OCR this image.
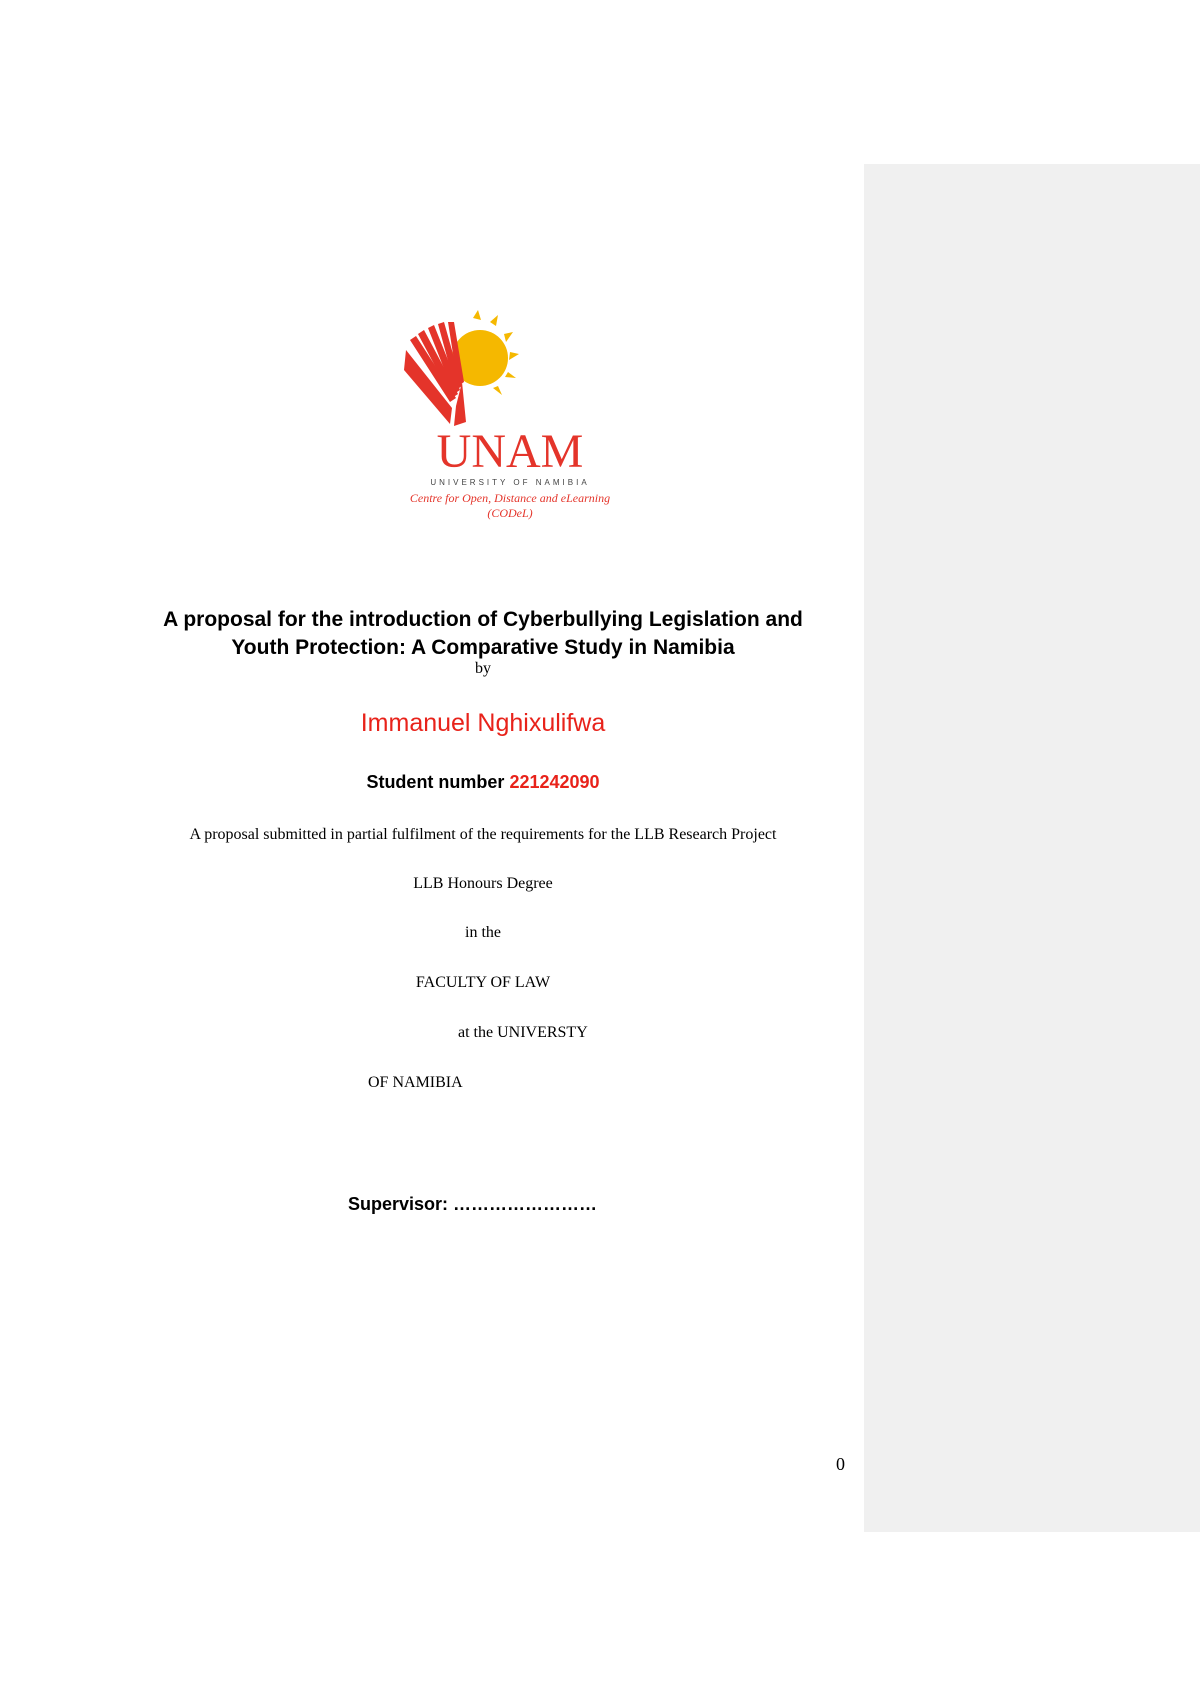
UNAM
UNIVERSITY OF NAMIBIA
Centre for Open, Distance and eLearning
(CODeL)
A proposal for the introduction of Cyberbullying Legislation and
Youth Protection: A Comparative Study in Namibia
by
Immanuel Nghixulifwa
Student number 221242090
A proposal submitted in partial fulfilment of the requirements for the LLB Research Project
LLB Honours Degree
in the
FACULTY OF LAW
at the UNIVERSTY
OF NAMIBIA
Supervisor: ……………………
0
